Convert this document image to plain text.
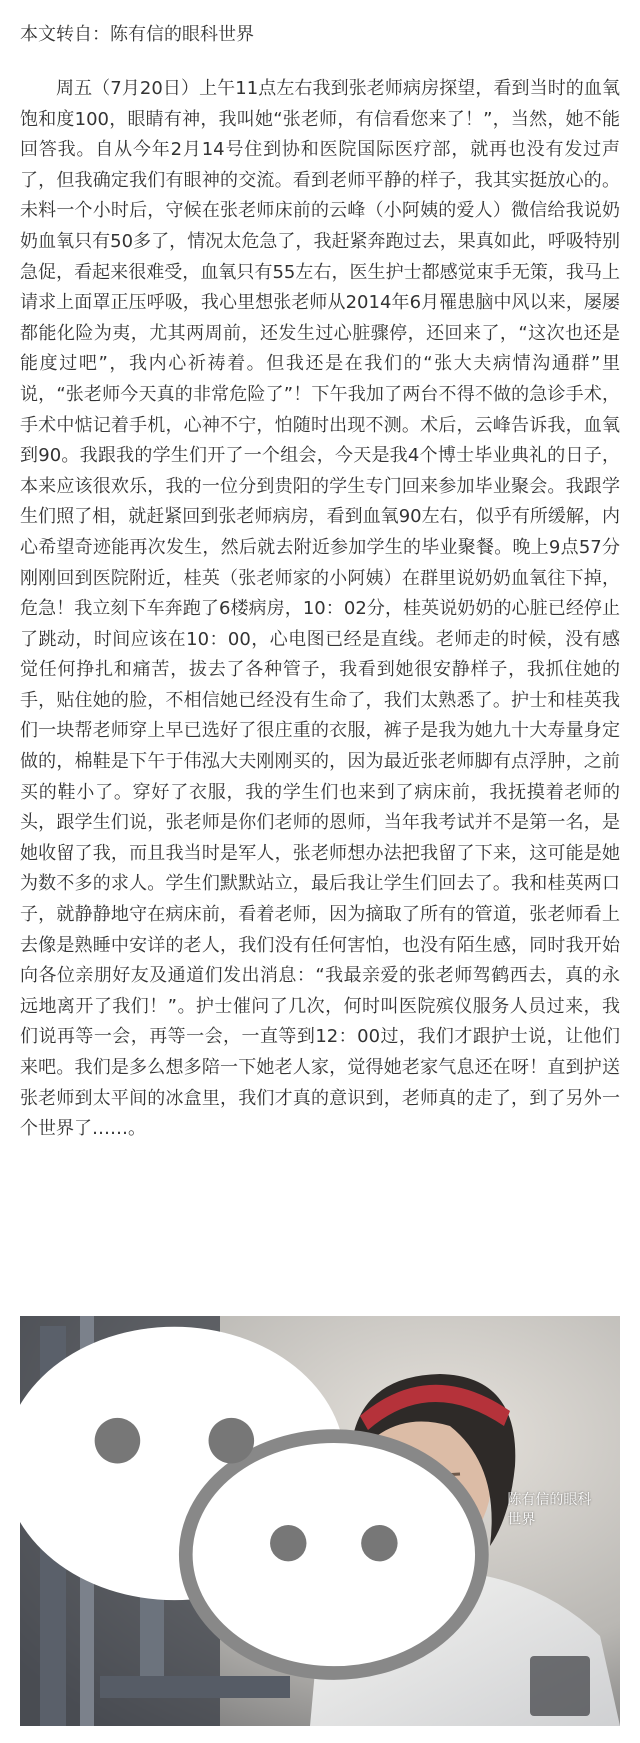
本文转自：陈有信的眼科世界

周五（7月20日）上午11点左右我到张老师病房探望，看到当时的血氧饱和度100，眼睛有神，我叫她“张老师，有信看您来了！”，当然，她不能回答我。自从今年2月14号住到协和医院国际医疗部，就再也没有发过声了，但我确定我们有眼神的交流。看到老师平静的样子，我其实挺放心的。未料一个小时后，守候在张老师床前的云峰（小阿姨的爱人）微信给我说奶奶血氧只有50多了，情况太危急了，我赶紧奔跑过去，果真如此，呼吸特别急促，看起来很难受，血氧只有55左右，医生护士都感觉束手无策，我马上请求上面罩正压呼吸，我心里想张老师从2014年6月罹患脑中风以来，屡屡都能化险为夷，尤其两周前，还发生过心脏骤停，还回来了，“这次也还是能度过吧”，我内心祈祷着。但我还是在我们的“张大夫病情沟通群”里说，“张老师今天真的非常危险了”！下午我加了两台不得不做的急诊手术，手术中惦记着手机，心神不宁，怕随时出现不测。术后，云峰告诉我，血氧到90。我跟我的学生们开了一个组会，今天是我4个博士毕业典礼的日子，本来应该很欢乐，我的一位分到贵阳的学生专门回来参加毕业聚会。我跟学生们照了相，就赶紧回到张老师病房，看到血氧90左右，似乎有所缓解，内心希望奇迹能再次发生，然后就去附近参加学生的毕业聚餐。晚上9点57分刚刚回到医院附近，桂英（张老师家的小阿姨）在群里说奶奶血氧往下掉，危急！我立刻下车奔跑了6楼病房，10：02分，桂英说奶奶的心脏已经停止了跳动，时间应该在10：00，心电图已经是直线。老师走的时候，没有感觉任何挣扎和痛苦，拔去了各种管子，我看到她很安静样子，我抓住她的手，贴住她的脸，不相信她已经没有生命了，我们太熟悉了。护士和桂英我们一块帮老师穿上早已选好了很庄重的衣服，裤子是我为她九十大寿量身定做的，棉鞋是下午于伟泓大夫刚刚买的，因为最近张老师脚有点浮肿，之前买的鞋小了。穿好了衣服，我的学生们也来到了病床前，我抚摸着老师的头，跟学生们说，张老师是你们老师的恩师，当年我考试并不是第一名，是她收留了我，而且我当时是军人，张老师想办法把我留了下来，这可能是她为数不多的求人。学生们默默站立，最后我让学生们回去了。我和桂英两口子，就静静地守在病床前，看着老师，因为摘取了所有的管道，张老师看上去像是熟睡中安详的老人，我们没有任何害怕，也没有陌生感，同时我开始向各位亲朋好友及通道们发出消息：“我最亲爱的张老师驾鹤西去，真的永远地离开了我们！”。护士催问了几次，何时叫医院殡仪服务人员过来，我们说再等一会，再等一会，一直等到12：00过，我们才跟护士说，让他们来吧。我们是多么想多陪一下她老人家，觉得她老家气息还在呀！直到护送张老师到太平间的冰盒里，我们才真的意识到，老师真的走了，到了另外一个世界了……。

陈有信的眼科世界
